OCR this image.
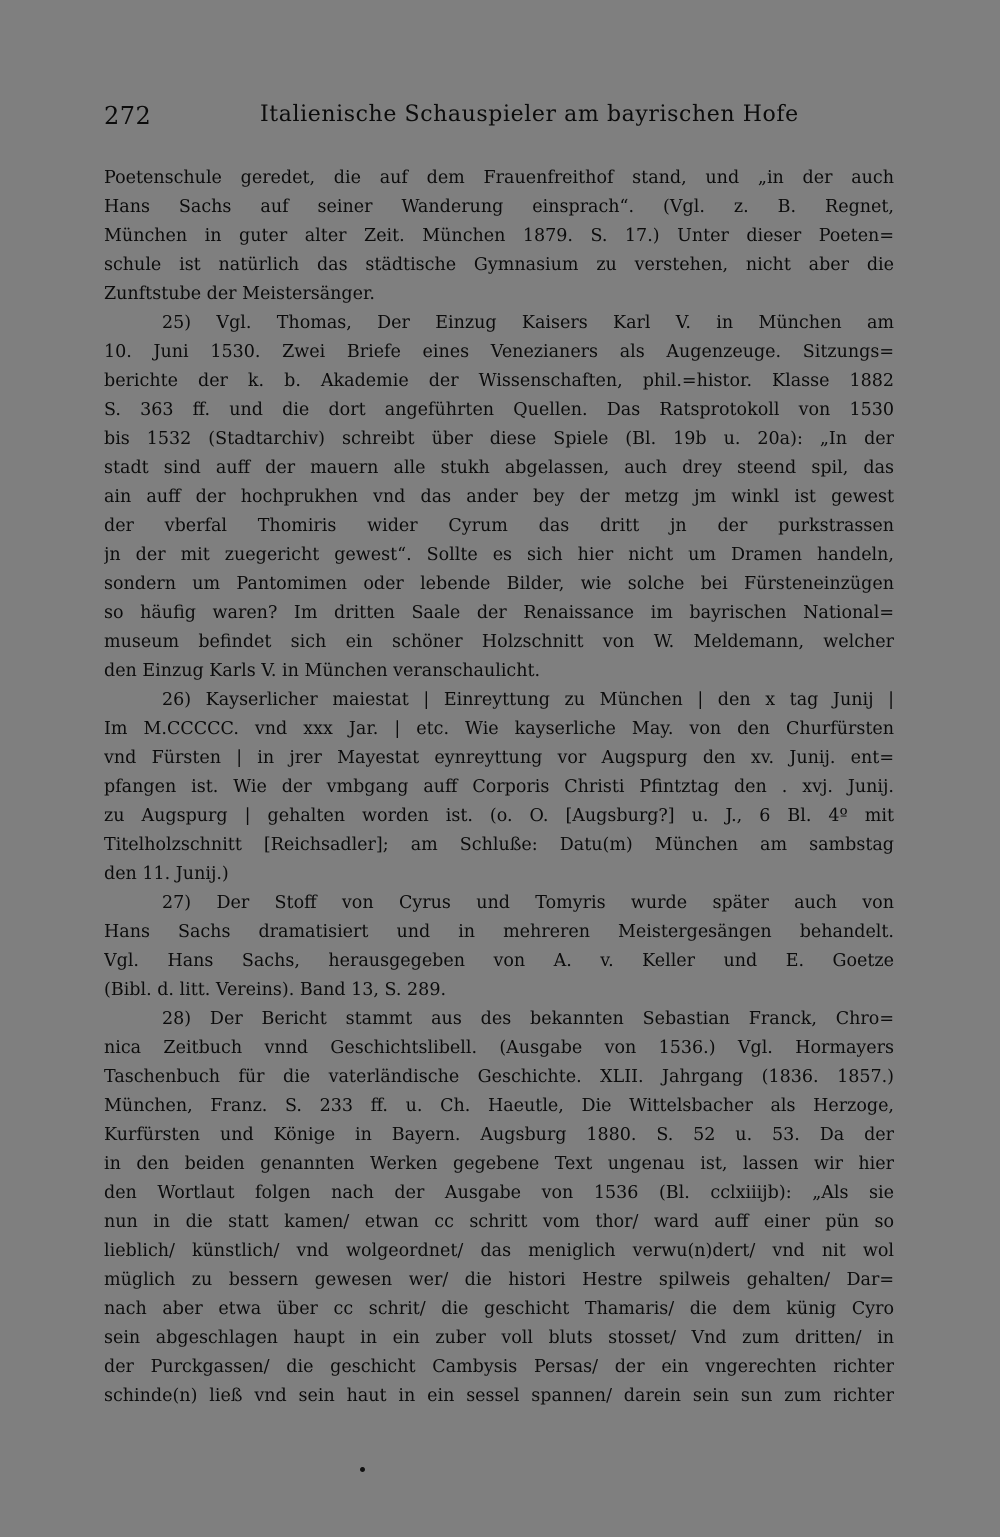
272	Italienische Schauspieler am bayrischen Hofe
Poetenschule geredet, die auf dem Frauenfreithof stand, und „in der auch
Hans Sachs auf seiner Wanderung einsprach“. (Vgl. z. B. Regnet,
München in guter alter Zeit. München 1879. S. 17.) Unter dieser Poeten=
schule ist natürlich das städtische Gymnasium zu verstehen, nicht aber die
Zunftstube der Meistersänger.
25) Vgl. Thomas, Der Einzug Kaisers Karl V. in München am
10. Juni 1530. Zwei Briefe eines Venezianers als Augenzeuge. Sitzungs=
berichte der k. b. Akademie der Wissenschaften, phil.=histor. Klasse 1882
S. 363 ff. und die dort angeführten Quellen. Das Ratsprotokoll von 1530
bis 1532 (Stadtarchiv) schreibt über diese Spiele (Bl. 19b u. 20a): „In der
stadt sind auff der mauern alle stukh abgelassen, auch drey steend spil, das
ain auff der hochprukhen vnd das ander bey der metzg jm winkl ist gewest
der vberfal Thomiris wider Cyrum das dritt jn der purkstrassen
jn der mit zuegericht gewest“. Sollte es sich hier nicht um Dramen handeln,
sondern um Pantomimen oder lebende Bilder, wie solche bei Fürsteneinzügen
so häufig waren? Im dritten Saale der Renaissance im bayrischen National=
museum befindet sich ein schöner Holzschnitt von W. Meldemann, welcher
den Einzug Karls V. in München veranschaulicht.
26) Kayserlicher maiestat | Einreyttung zu München | den x tag Junij |
Im M.CCCCC. vnd xxx Jar. | etc. Wie kayserliche May. von den Churfürsten
vnd Fürsten | in jrer Mayestat eynreyttung vor Augspurg den xv. Junij. ent=
pfangen ist. Wie der vmbgang auff Corporis Christi Pfintztag den . xvj. Junij.
zu Augspurg | gehalten worden ist. (o. O. [Augsburg?] u. J., 6 Bl. 4º mit
Titelholzschnitt [Reichsadler]; am Schluße: Datu(m) München am sambstag
den 11. Junij.)
27) Der Stoff von Cyrus und Tomyris wurde später auch von
Hans Sachs dramatisiert und in mehreren Meistergesängen behandelt.
Vgl. Hans Sachs, herausgegeben von A. v. Keller und E. Goetze
(Bibl. d. litt. Vereins). Band 13, S. 289.
28) Der Bericht stammt aus des bekannten Sebastian Franck, Chro=
nica Zeitbuch vnnd Geschichtslibell. (Ausgabe von 1536.) Vgl. Hormayers
Taschenbuch für die vaterländische Geschichte. XLII. Jahrgang (1836. 1857.)
München, Franz. S. 233 ff. u. Ch. Haeutle, Die Wittelsbacher als Herzoge,
Kurfürsten und Könige in Bayern. Augsburg 1880. S. 52 u. 53. Da der
in den beiden genannten Werken gegebene Text ungenau ist, lassen wir hier
den Wortlaut folgen nach der Ausgabe von 1536 (Bl. cclxiiijb): „Als sie
nun in die statt kamen/ etwan cc schritt vom thor/ ward auff einer pün so
lieblich/ künstlich/ vnd wolgeordnet/ das meniglich verwu(n)dert/ vnd nit wol
müglich zu bessern gewesen wer/ die histori Hestre spilweis gehalten/ Dar=
nach aber etwa über cc schrit/ die geschicht Thamaris/ die dem künig Cyro
sein abgeschlagen haupt in ein zuber voll bluts stosset/ Vnd zum dritten/ in
der Purckgassen/ die geschicht Cambysis Persas/ der ein vngerechten richter
schinde(n) ließ vnd sein haut in ein sessel spannen/ darein sein sun zum richter
